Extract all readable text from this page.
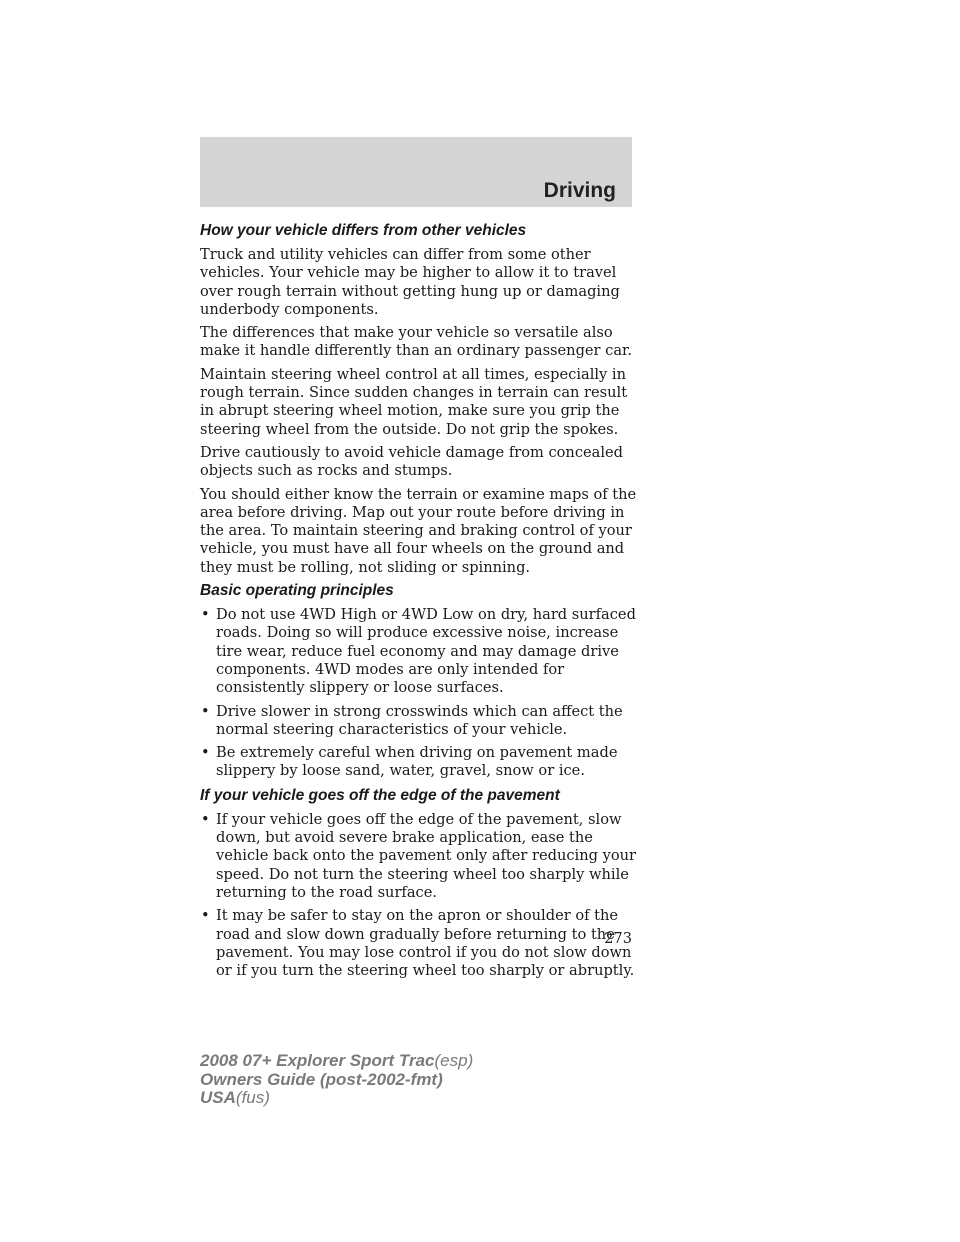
Driving
How your vehicle differs from other vehicles

Truck and utility vehicles can differ from some other vehicles. Your vehicle may be higher to allow it to travel over rough terrain without getting hung up or damaging underbody components.

The differences that make your vehicle so versatile also make it handle differently than an ordinary passenger car.

Maintain steering wheel control at all times, especially in rough terrain. Since sudden changes in terrain can result in abrupt steering wheel motion, make sure you grip the steering wheel from the outside. Do not grip the spokes.

Drive cautiously to avoid vehicle damage from concealed objects such as rocks and stumps.

You should either know the terrain or examine maps of the area before driving. Map out your route before driving in the area. To maintain steering and braking control of your vehicle, you must have all four wheels on the ground and they must be rolling, not sliding or spinning.

Basic operating principles
• Do not use 4WD High or 4WD Low on dry, hard surfaced roads. Doing so will produce excessive noise, increase tire wear, reduce fuel economy and may damage drive components. 4WD modes are only intended for consistently slippery or loose surfaces.
• Drive slower in strong crosswinds which can affect the normal steering characteristics of your vehicle.
• Be extremely careful when driving on pavement made slippery by loose sand, water, gravel, snow or ice.
If your vehicle goes off the edge of the pavement
• If your vehicle goes off the edge of the pavement, slow down, but avoid severe brake application, ease the vehicle back onto the pavement only after reducing your speed. Do not turn the steering wheel too sharply while returning to the road surface.
• It may be safer to stay on the apron or shoulder of the road and slow down gradually before returning to the pavement. You may lose control if you do not slow down or if you turn the steering wheel too sharply or abruptly.
273
2008 07+ Explorer Sport Trac(esp)
Owners Guide (post-2002-fmt)
USA(fus)
